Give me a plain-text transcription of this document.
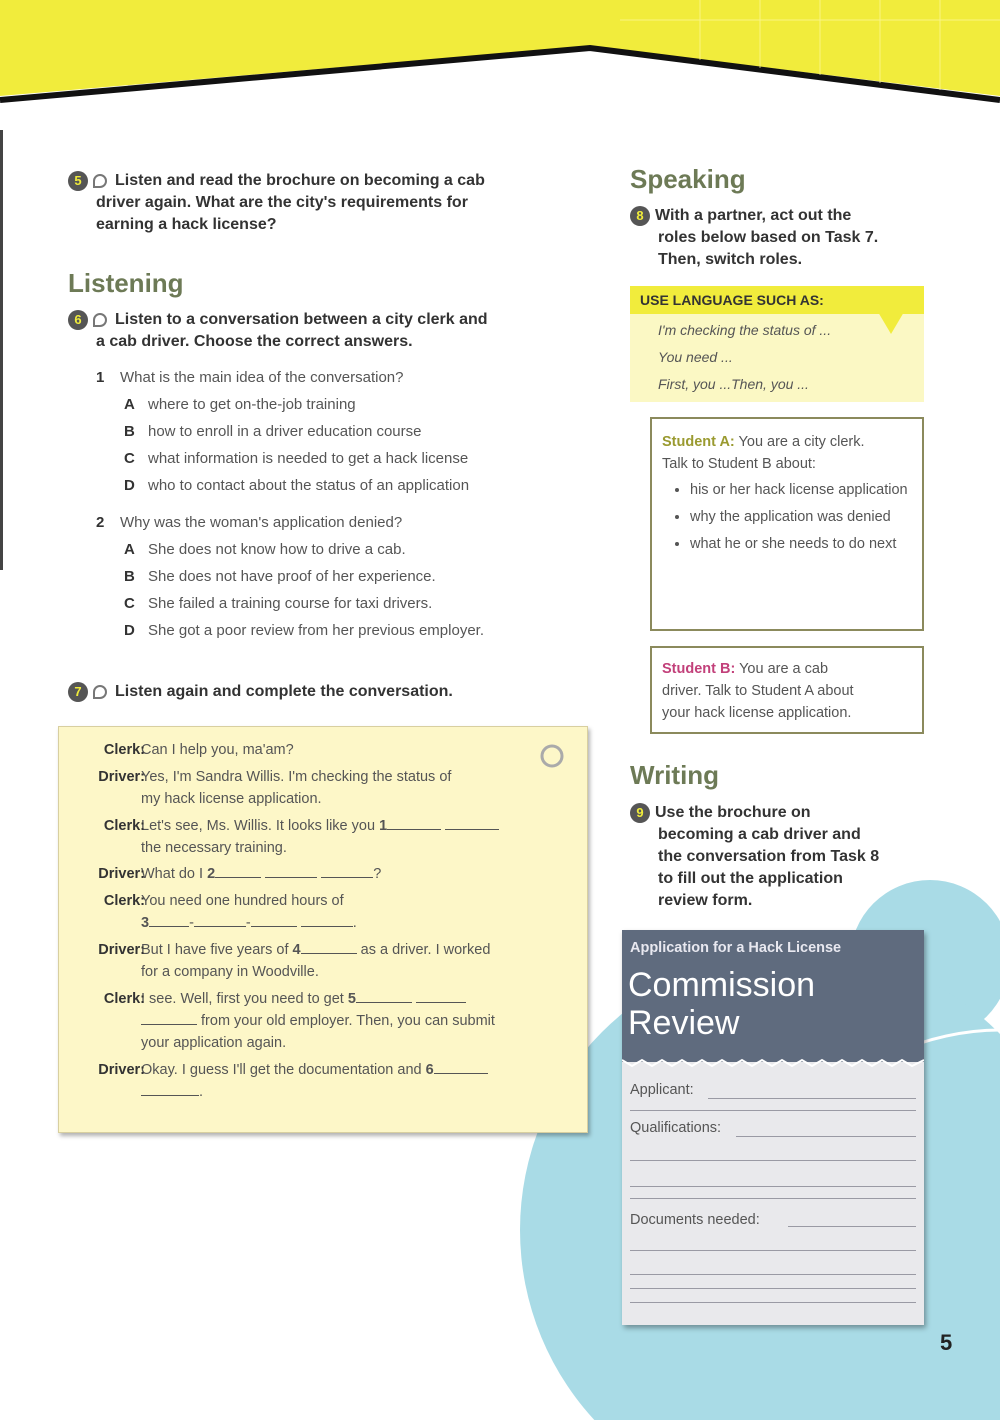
5 Listen and read the brochure on becoming a cab
driver again. What are the city's requirements for
earning a hack license?
Listening
6 Listen to a conversation between a city clerk and
a cab driver. Choose the correct answers.
1 What is the main idea of the conversation?
A where to get on-the-job training
B how to enroll in a driver education course
C what information is needed to get a hack license
D who to contact about the status of an application
2 Why was the woman's application denied?
A She does not know how to drive a cab.
B She does not have proof of her experience.
C She failed a training course for taxi drivers.
D She got a poor review from her previous employer.
7 Listen again and complete the conversation.
Clerk:
Can I help you, ma'am?
Driver:
Yes, I'm Sandra Willis. I'm checking the status of
my hack license application.
Clerk:
Let's see, Ms. Willis. It looks like you 1
the necessary training.
Driver:
What do I 2	?
Clerk:
You need one hundred hours of
3	-	-	.
Driver:
But I have five years of 4	as a driver. I worked
for a company in Woodville.
Clerk:
I see. Well, first you need to get 5
from your old employer. Then, you can submit
your application again.
Driver:
Okay. I guess I'll get the documentation and 6
.
Speaking
8 With a partner, act out the
roles below based on Task 7.
Then, switch roles.
USE LANGUAGE SUCH AS:
I'm checking the status of ...
You need ...
First, you ...Then, you ...
Student A: You are a city clerk.
Talk to Student B about:
• his or her hack license application
• why the application was denied
• what he or she needs to do next
Student B: You are a cab
driver. Talk to Student A about
your hack license application.
Writing
9 Use the brochure on
becoming a cab driver and
the conversation from Task 8
to fill out the application
review form.
Application for a Hack License
Commission
Review
Applicant:
Qualifications:
Documents needed:
5
